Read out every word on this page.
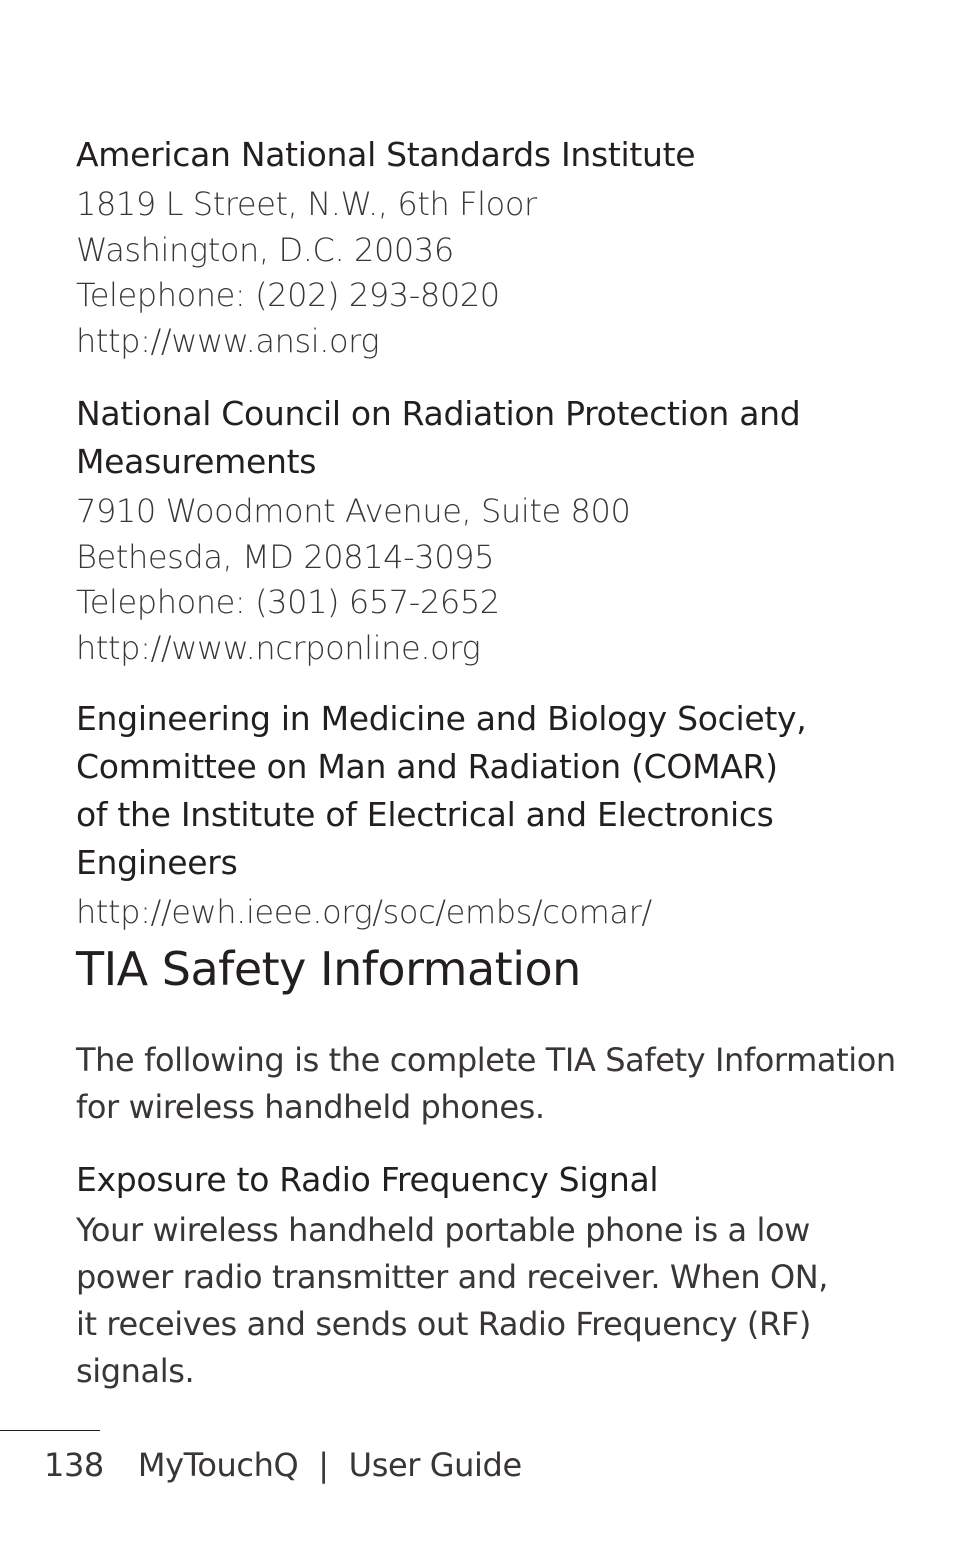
American National Standards Institute

1819 L Street, N.W., 6th Floor

Washington, D.C. 20036

Telephone: (202) 293-8020

http://www.ansi.org

National Council on Radiation Protection and
Measurements

7910 Woodmont Avenue, Suite 800

Bethesda, MD 20814-3095

Telephone: (301) 657-2652

http://www.ncrponline.org

Engineering in Medicine and Biology Society,
Committee on Man and Radiation (COMAR)
of the Institute of Electrical and Electronics
Engineers

http://ewh.ieee.org/soc/embs/comar/

TIA Safety Information

The following is the complete TIA Safety Information

for wireless handheld phones.

Exposure to Radio Frequency Signal

Your wireless handheld portable phone is a low

power radio transmitter and receiver. When ON,

it receives and sends out Radio Frequency (RF)

signals.

138 MyTouchQ | User Guide
